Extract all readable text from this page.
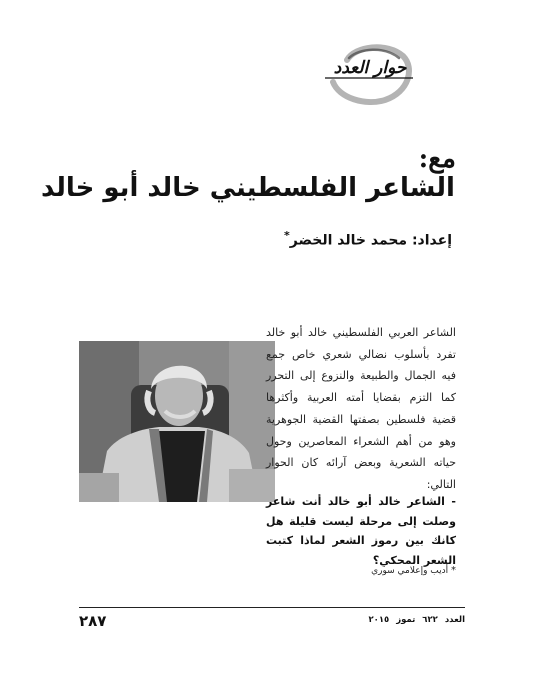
حوار العدد
مع:
الشاعر الفلسطيني خالد أبو خالد
إعداد: محمد خالد الخضر*
الشاعر العربي الفلسطيني خالد أبو خالد تفرد بأسلوب نضالي شعري خاص جمع فيه الجمال والطبيعة والنزوع إلى التحرر كما التزم بقضايا أمته العربية وأكثرها قضية فلسطين بصفتها القضية الجوهرية وهو من أهم الشعراء المعاصرين وحول حياته الشعرية وبعض آرائه كان الحوار التالي:
- الشاعر خالد أبو خالد أنت شاعر وصلت إلى مرحلة ليست قليلة هل كانك بين رموز الشعر لماذا كتبت الشعر المحكي؟
* أديب وإعلامي سوري
٢٨٧	العدد ٦٢٢ تموز ٢٠١٥
